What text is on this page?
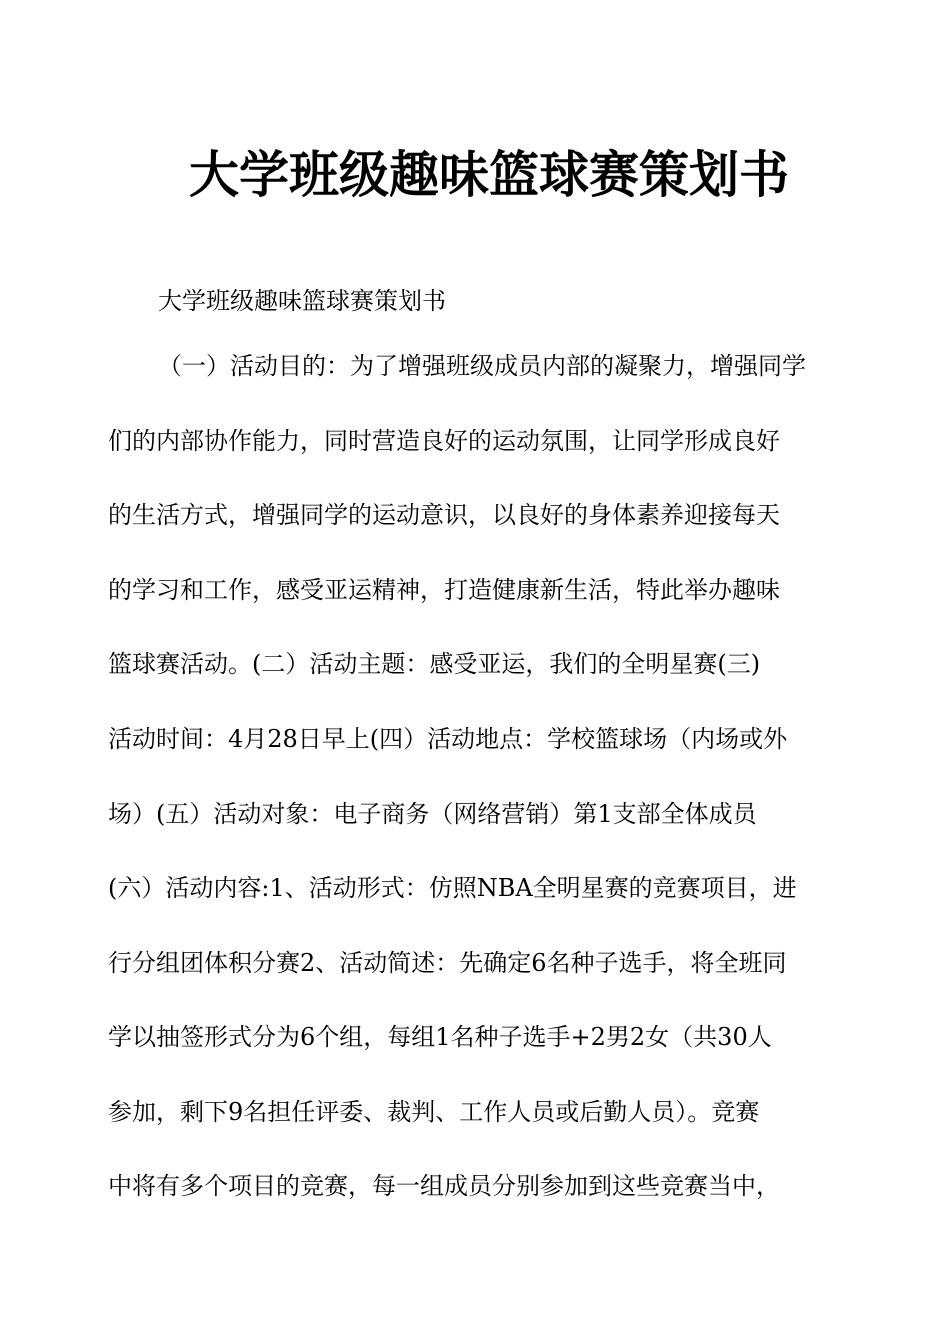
大学班级趣味篮球赛策划书
大学班级趣味篮球赛策划书
（一）活动目的：为了增强班级成员内部的凝聚力，增强同学
们的内部协作能力，同时营造良好的运动氛围，让同学形成良好
的生活方式，增强同学的运动意识，以良好的身体素养迎接每天
的学习和工作，感受亚运精神，打造健康新生活，特此举办趣味
篮球赛活动。(二）活动主题：感受亚运，我们的全明星赛(三)
活动时间：4月28日早上(四）活动地点：学校篮球场（内场或外
场）(五）活动对象：电子商务（网络营销）第1支部全体成员
(六）活动内容:1、活动形式：仿照NBA全明星赛的竞赛项目，进
行分组团体积分赛2、活动简述：先确定6名种子选手，将全班同
学以抽签形式分为6个组，每组1名种子选手+2男2女（共30人
参加，剩下9名担任评委、裁判、工作人员或后勤人员）。竞赛
中将有多个项目的竞赛，每一组成员分别参加到这些竞赛当中，
